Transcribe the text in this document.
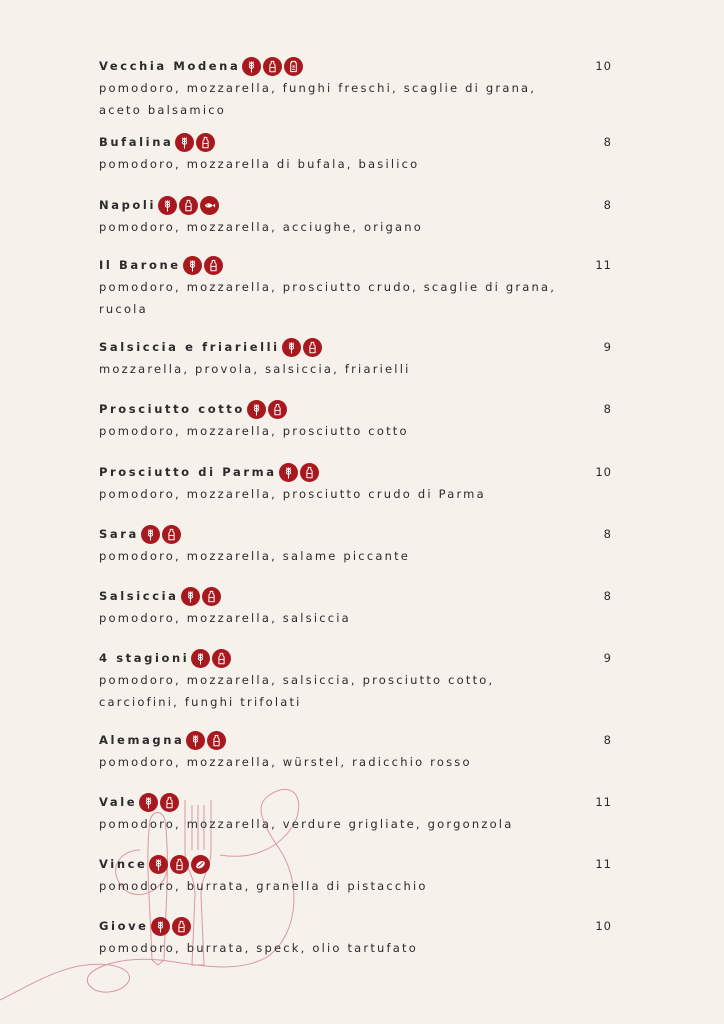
Vecchia Modena	10
pomodoro, mozzarella, funghi freschi, scaglie di grana, aceto balsamico
Bufalina	8
pomodoro, mozzarella di bufala, basilico
Napoli	8
pomodoro, mozzarella, acciughe, origano
Il Barone	11
pomodoro, mozzarella, prosciutto crudo, scaglie di grana, rucola
Salsiccia e friarielli	9
mozzarella, provola, salsiccia, friarielli
Prosciutto cotto	8
pomodoro, mozzarella, prosciutto cotto
Prosciutto di Parma	10
pomodoro, mozzarella, prosciutto crudo di Parma
Sara	8
pomodoro, mozzarella, salame piccante
Salsiccia	8
pomodoro, mozzarella, salsiccia
4 stagioni	9
pomodoro, mozzarella, salsiccia, prosciutto cotto, carciofini, funghi trifolati
Alemagna	8
pomodoro, mozzarella, würstel, radicchio rosso
Vale	11
pomodoro, mozzarella, verdure grigliate, gorgonzola
Vince	11
pomodoro, burrata, granella di pistacchio
Giove	10
pomodoro, burrata, speck, olio tartufato
